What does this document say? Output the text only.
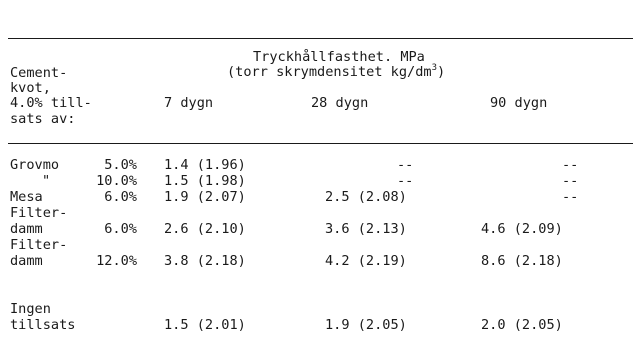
Tryckhållfasthet. MPa
(torr skrymdensitet $kg/dm^3$)
Cement-
kvot,
4.0% till-
sats av:
7 dygn	28 dygn	90 dygn
Grovmo	5.0% 1.4 (1.96)	--	--
"	10.0% 1.5 (1.98)	--	--
Mesa	6.0% 1.9 (2.07)	2.5 (2.08)	--
Filter-
damm	6.0% 2.6 (2.10)	3.6 (2.13)	4.6 (2.09)
Filter-
damm	12.0% 3.8 (2.18)	4.2 (2.19)	8.6 (2.18)
Ingen
tillsats	1.5 (2.01)	1.9 (2.05)	2.0 (2.05)
